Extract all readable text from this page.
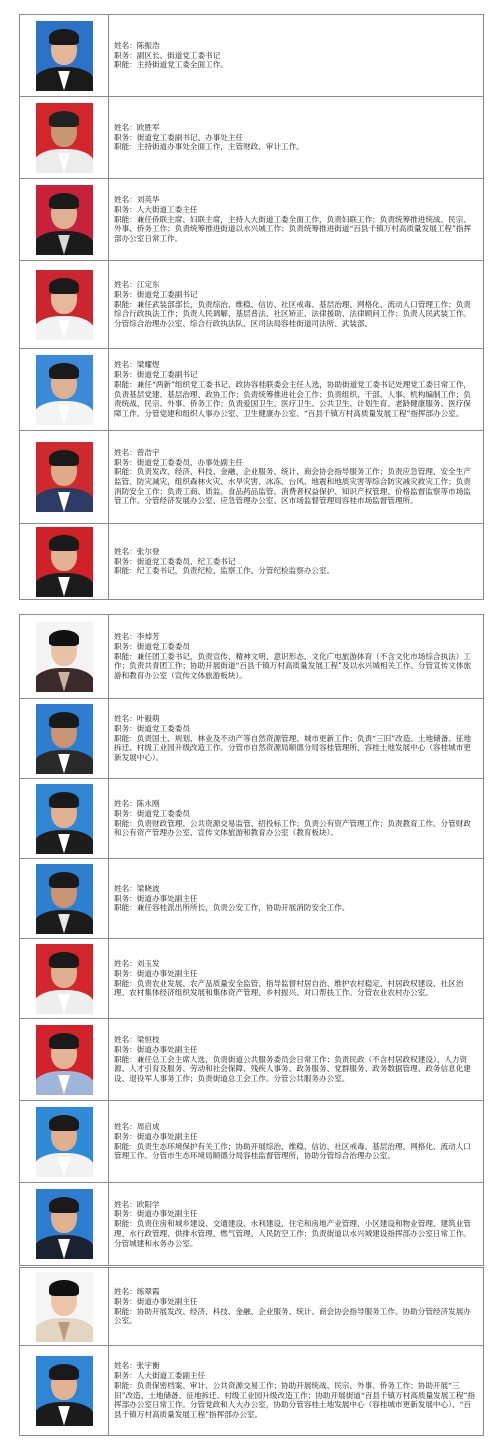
姓名：陈振浩

职务：副区长、街道党工委书记

职能：主持街道党工委全面工作。

姓名：欧胜军

职务：街道党工委副书记、办事处主任

职能：主持街道办事处全面工作，主管财政、审计工作。

姓名：刘英华

职务：人大街道工委主任

职能：兼任侨联主席、妇联主席，主持人大街道工委全面工作，负责妇联工作；负责统筹推进统战、民宗、外事、侨务工作；负责统筹推进街道以水兴城工作；负责统筹推进街道“百县千镇万村高质量发展工程”指挥部办公室日常工作。

姓名：江定东

职务：街道党工委副书记

职能：兼任武装部部长，负责综治、维稳、信访、社区戒毒、基层治理、网格化、流动人口管理工作；负责综合行政执法工作；负责人民调解、基层普法、社区矫正、法律援助、法律顾问工作；负责人民武装工作。分管综合治理办公室、综合行政执法队、区司法局容桂街道司法所、武装部。

姓名：梁耀煜

职务：街道党工委副书记

职能：兼任“两新”组织党工委书记、政协容桂联委会主任人选，协助街道党工委书记处理党工委日常工作，负责基层党建、基层治理、政协工作；负责统筹推进社会工作；负责组织、干部、人事、机构编制工作；负责统战、民宗、外事、侨务工作；负责爱国卫生、医疗卫生、公共卫生、计划生育、老龄健康服务、医疗保障工作。分管党建和组织人事办公室、卫生健康办公室、“百县千镇万村高质量发展工程”指挥部办公室。

姓名：曾浩宇

职务：街道党工委委员、办事处副主任

职能：负责发改、经济、科技、金融、企业服务、统计、商会协会指导服务工作；负责应急管理、安全生产监管、防灾减灾，组织森林火灾、水旱灾害、冰冻、台风、地震和地质灾害等综合防灾减灾救灾工作；负责消防安全工作；负责工商、质监、食品药品监管、消费者权益保护、知识产权管理、价格监督监察等市场监管工作。分管经济发展办公室、应急管理办公室、区市场监督管理局容桂市场监督管理所。

姓名：张尔登

职务：街道党工委委员、纪工委书记

职能：纪工委书记，负责纪检、监察工作。分管纪检监察办公室。

姓名：李焯芳

职务：街道党工委委员

职能：兼任团工委书记，负责宣传、精神文明、意识形态、文化广电旅游体育（不含文化市场综合执法）工作；负责共青团工作；协助开展街道“百县千镇万村高质量发展工程”及以水兴城相关工作。分管宣传文体旅游和教育办公室（宣传文体旅游板块）。

姓名：叶毅萌

职务：街道党工委委员

职能：负责国土、规划、林业及不动产等自然资源管理、城市更新工作；负责“三旧”改造、土地储备、征地拆迁、村级工业园升级改造工作。分管市自然资源局顺德分局容桂管理所、容桂土地发展中心（容桂城市更新发展中心）。

姓名：陈永刚

职务：街道党工委委员

职能：负责财政管理、公共资源交易监管、招投标工作；负责公有资产管理工作；负责教育工作。分管财政和公有资产管理办公室、宣传文体旅游和教育办公室（教育板块）。

姓名：梁晓波

职务：街道办事处副主任

职能：兼任容桂派出所所长，负责公安工作，协助开展消防安全工作。

姓名：刘玉发

职务：街道办事处副主任

职能：负责农业发展、农产品质量安全监管、指导监督村居自治、维护农村稳定、村居政权建设、社区治理、农村集体经济组织发展和集体资产管理、乡村振兴、对口帮扶工作。分管农业农村办公室。

姓名：梁恒枝

职务：街道办事处副主任

职能：兼任总工会主席人选，负责街道公共服务委员会日常工作；负责民政（不含村居政权建设）、人力资源、人才引育及服务、劳动和社会保障、残疾人事务、政务服务、党群服务、政务数据管理、政务信息化建设、退役军人事务工作；负责街道总工会工作。分管公共服务办公室。

姓名：周启成

职务：街道办事处副主任

职能：负责生态环境保护有关工作；协助开展综治、维稳、信访、社区戒毒、基层治理、网格化、流动人口管理工作。分管市生态环境局顺德分局容桂监督管理所，协助分管综合治理办公室。

姓名：欧阳学

职务：街道办事处副主任

职能：负责住房和城乡建设、交通建设、水利建设，住宅和房地产业管理、小区建设和物业管理、建筑业管理、水行政管理、供排水管理、燃气管理、人民防空工作；负责街道以水兴城建设指挥部办公室日常工作。分管城建和水务办公室。

姓名：练翠霞

职务：街道办事处副主任

职能：协助开展发改、经济、科技、金融、企业服务、统计、商会协会指导服务工作。协助分管经济发展办公室。

姓名：张宇衡

职务：人大街道工委副主任

职能：负责保密档案、审计、公共资源交易工作；协助开展统战、民宗、外事、侨务工作；协助开展“三旧”改造、土地储备、征地拆迁、村级工业园升级改造工作；协助开展街道“百县千镇万村高质量发展工程”指挥部办公室日常工作。分管党政和人大办公室，协助分管容桂土地发展中心（容桂城市更新发展中心）、“百县千镇万村高质量发展工程”指挥部办公室。
